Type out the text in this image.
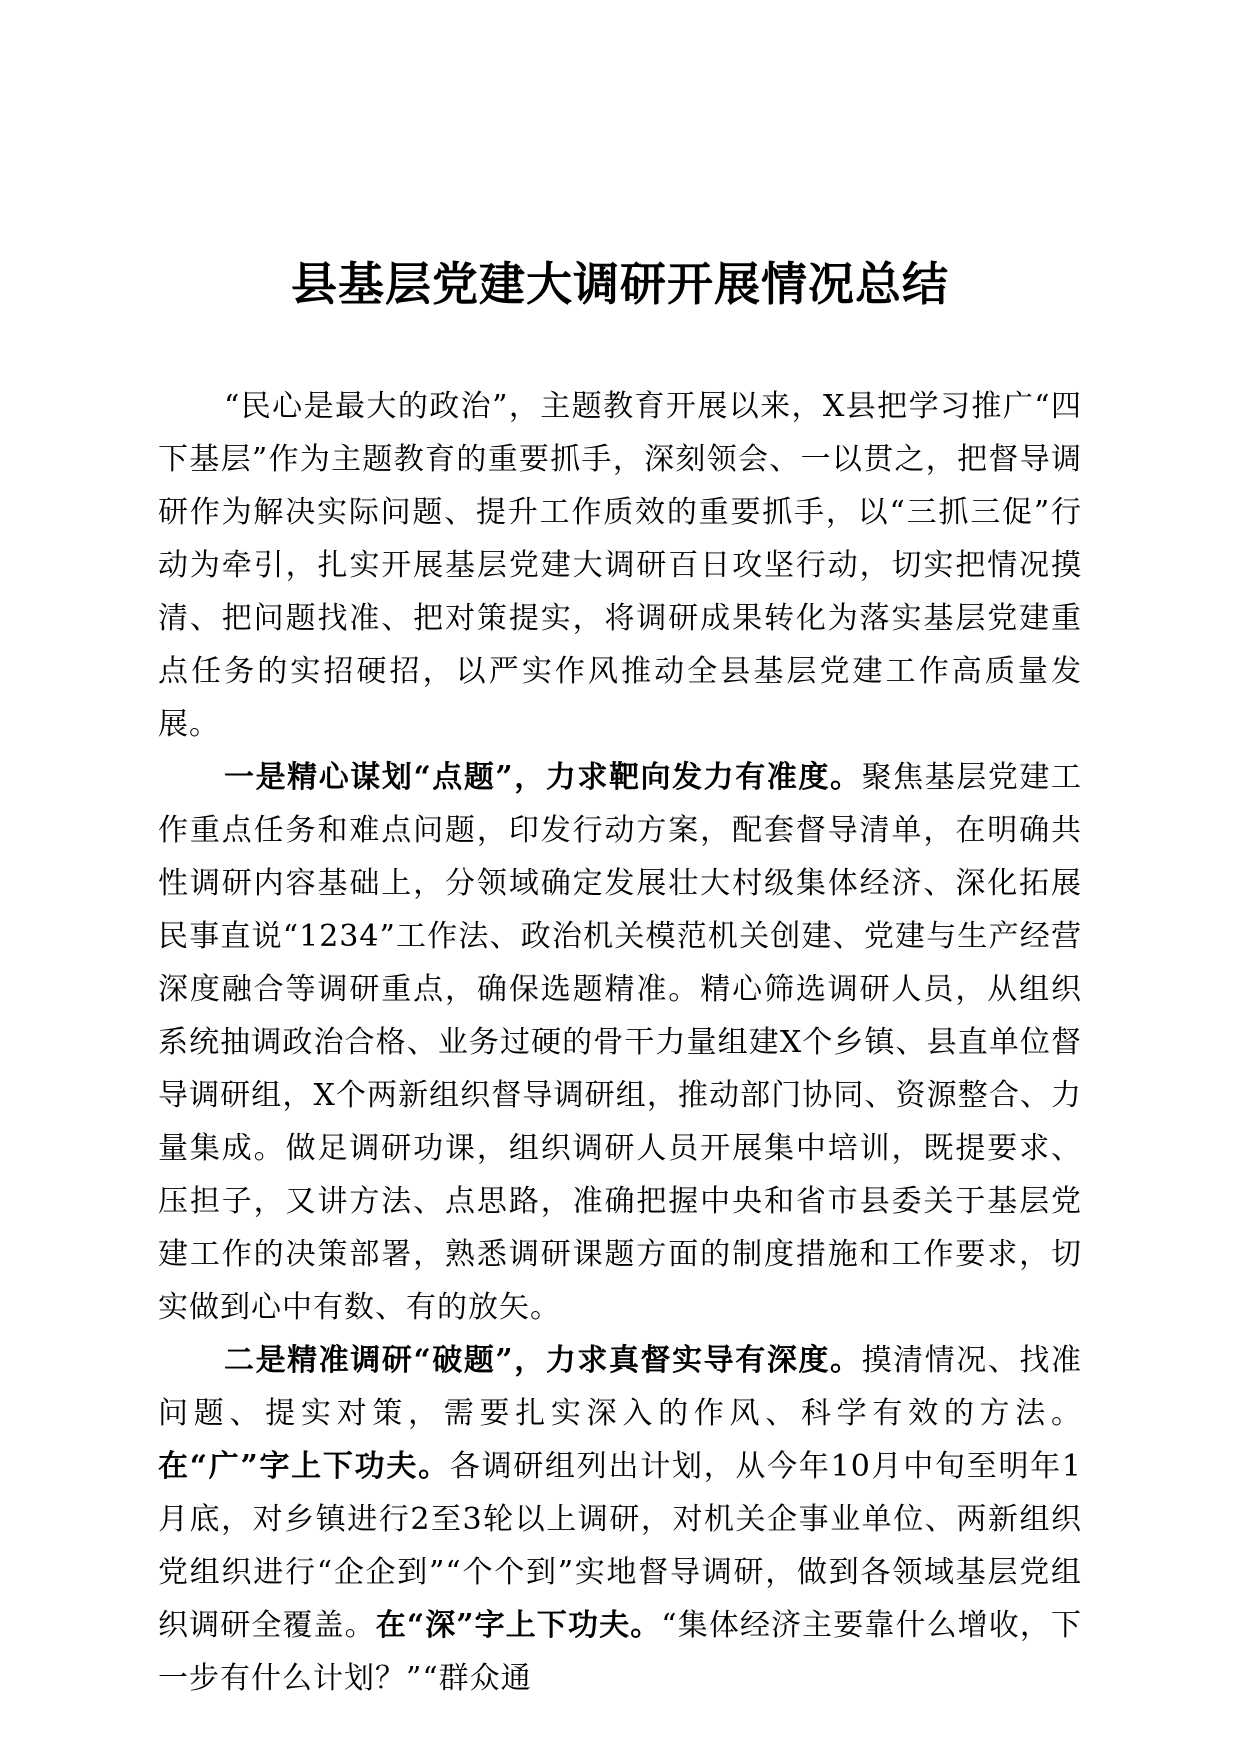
县基层党建大调研开展情况总结

“民心是最大的政治”，主题教育开展以来，X县把学习推广“四下基层”作为主题教育的重要抓手，深刻领会、一以贯之，把督导调研作为解决实际问题、提升工作质效的重要抓手，以“三抓三促”行动为牵引，扎实开展基层党建大调研百日攻坚行动，切实把情况摸清、把问题找准、把对策提实，将调研成果转化为落实基层党建重点任务的实招硬招，以严实作风推动全县基层党建工作高质量发展。

一是精心谋划“点题”，力求靶向发力有准度。聚焦基层党建工作重点任务和难点问题，印发行动方案，配套督导清单，在明确共性调研内容基础上，分领域确定发展壮大村级集体经济、深化拓展民事直说“1234”工作法、政治机关模范机关创建、党建与生产经营深度融合等调研重点，确保选题精准。精心筛选调研人员，从组织系统抽调政治合格、业务过硬的骨干力量组建X个乡镇、县直单位督导调研组，X个两新组织督导调研组，推动部门协同、资源整合、力量集成。做足调研功课，组织调研人员开展集中培训，既提要求、压担子，又讲方法、点思路，准确把握中央和省市县委关于基层党建工作的决策部署，熟悉调研课题方面的制度措施和工作要求，切实做到心中有数、有的放矢。

二是精准调研“破题”，力求真督实导有深度。摸清情况、找准问题、提实对策，需要扎实深入的作风、科学有效的方法。在“广”字上下功夫。各调研组列出计划，从今年10月中旬至明年1月底，对乡镇进行2至3轮以上调研，对机关企事业单位、两新组织党组织进行“企企到”“个个到”实地督导调研，做到各领域基层党组织调研全覆盖。在“深”字上下功夫。“集体经济主要靠什么增收，下一步有什么计划？”“群众通
